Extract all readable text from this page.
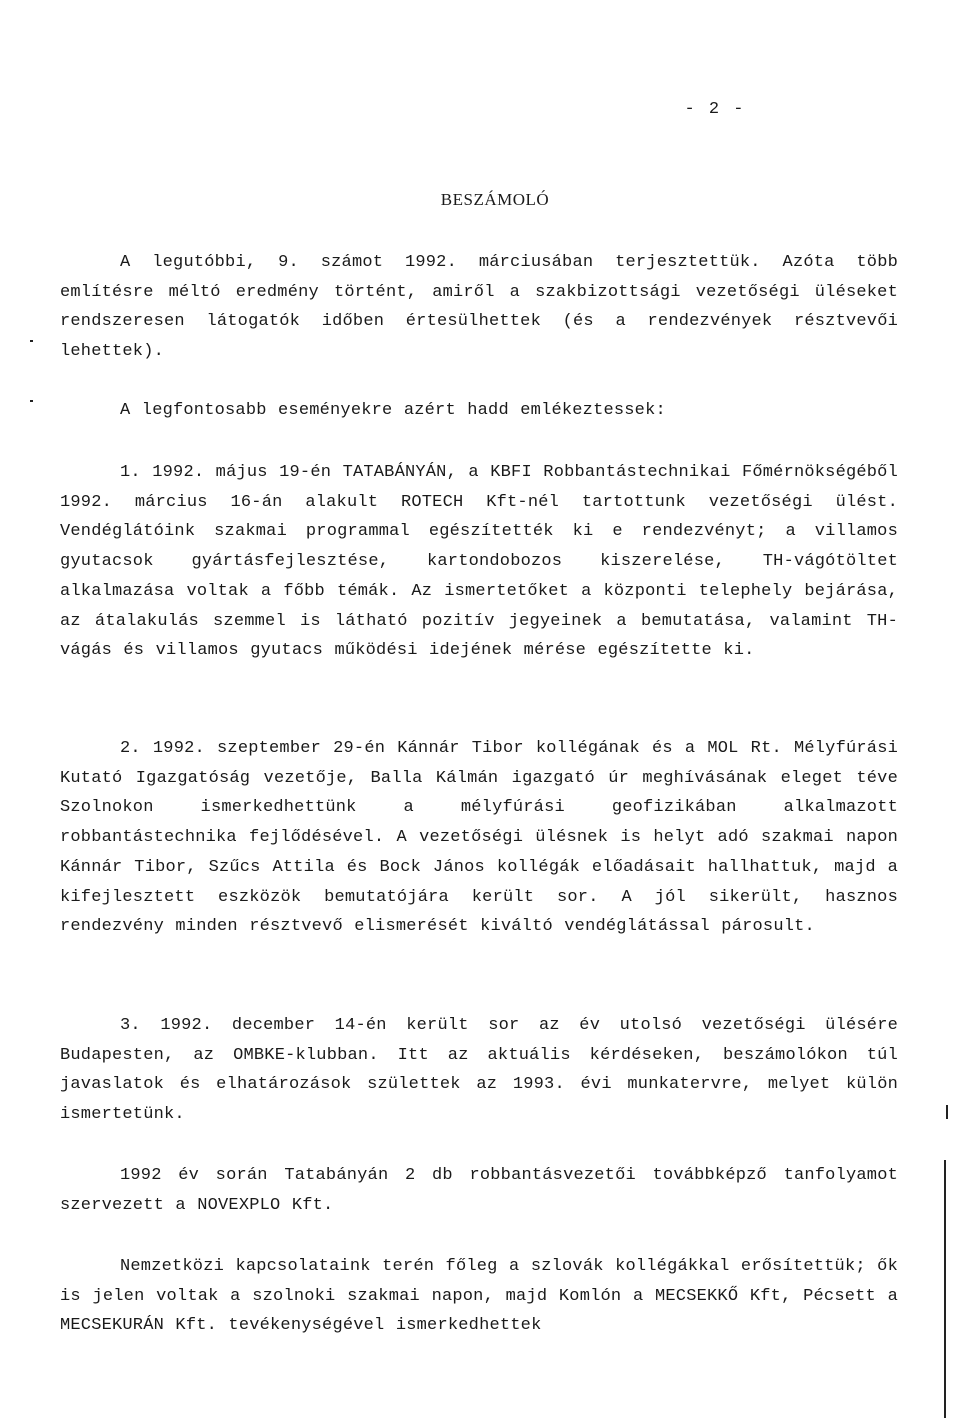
- 2 -
BESZÁMOLÓ
A legutóbbi, 9. számot 1992. márciusában terjesztettük. Azóta több említésre méltó eredmény történt, amiről a szakbizottsági vezetőségi üléseket rendszeresen látogatók időben értesülhettek (és a rendezvények résztvevői lehettek).
A legfontosabb eseményekre azért hadd emlékeztessek:
1. 1992. május 19-én TATABÁNYÁN, a KBFI Robbantástechnikai Főmérnökségéből 1992. március 16-án alakult ROTECH Kft-nél tartottunk vezetőségi ülést. Vendéglátóink szakmai programmal egészítették ki e rendezvényt; a villamos gyutacsok gyártásfejlesztése, kartondobozos kiszerelése, TH-vágótöltet alkalmazása voltak a főbb témák. Az ismertetőket a központi telephely bejárása, az átalakulás szemmel is látható pozitív jegyeinek a bemutatása, valamint TH-vágás és villamos gyutacs működési idejének mérése egészítette ki.
2. 1992. szeptember 29-én Kánnár Tibor kollégának és a MOL Rt. Mélyfúrási Kutató Igazgatóság vezetője, Balla Kálmán igazgató úr meghívásának eleget téve Szolnokon ismerkedhettünk a mélyfúrási geofizikában alkalmazott robbantástechnika fejlődésével. A vezetőségi ülésnek is helyt adó szakmai napon Kánnár Tibor, Szűcs Attila és Bock János kollégák előadásait hallhattuk, majd a kifejlesztett eszközök bemutatójára került sor. A jól sikerült, hasznos rendezvény minden résztvevő elismerését kiváltó vendéglátással párosult.
3. 1992. december 14-én került sor az év utolsó vezetőségi ülésére Budapesten, az OMBKE-klubban. Itt az aktuális kérdéseken, beszámolókon túl javaslatok és elhatározások születtek az 1993. évi munkatervre, melyet külön ismertetünk.
1992 év során Tatabányán 2 db robbantásvezetői továbbképző tanfolyamot szervezett a NOVEXPLO Kft.
Nemzetközi kapcsolataink terén főleg a szlovák kollégákkal erősítettük; ők is jelen voltak a szolnoki szakmai napon, majd Komlón a MECSEKKŐ Kft, Pécsett a MECSEKURÁN Kft. tevékenységével ismerkedhettek
